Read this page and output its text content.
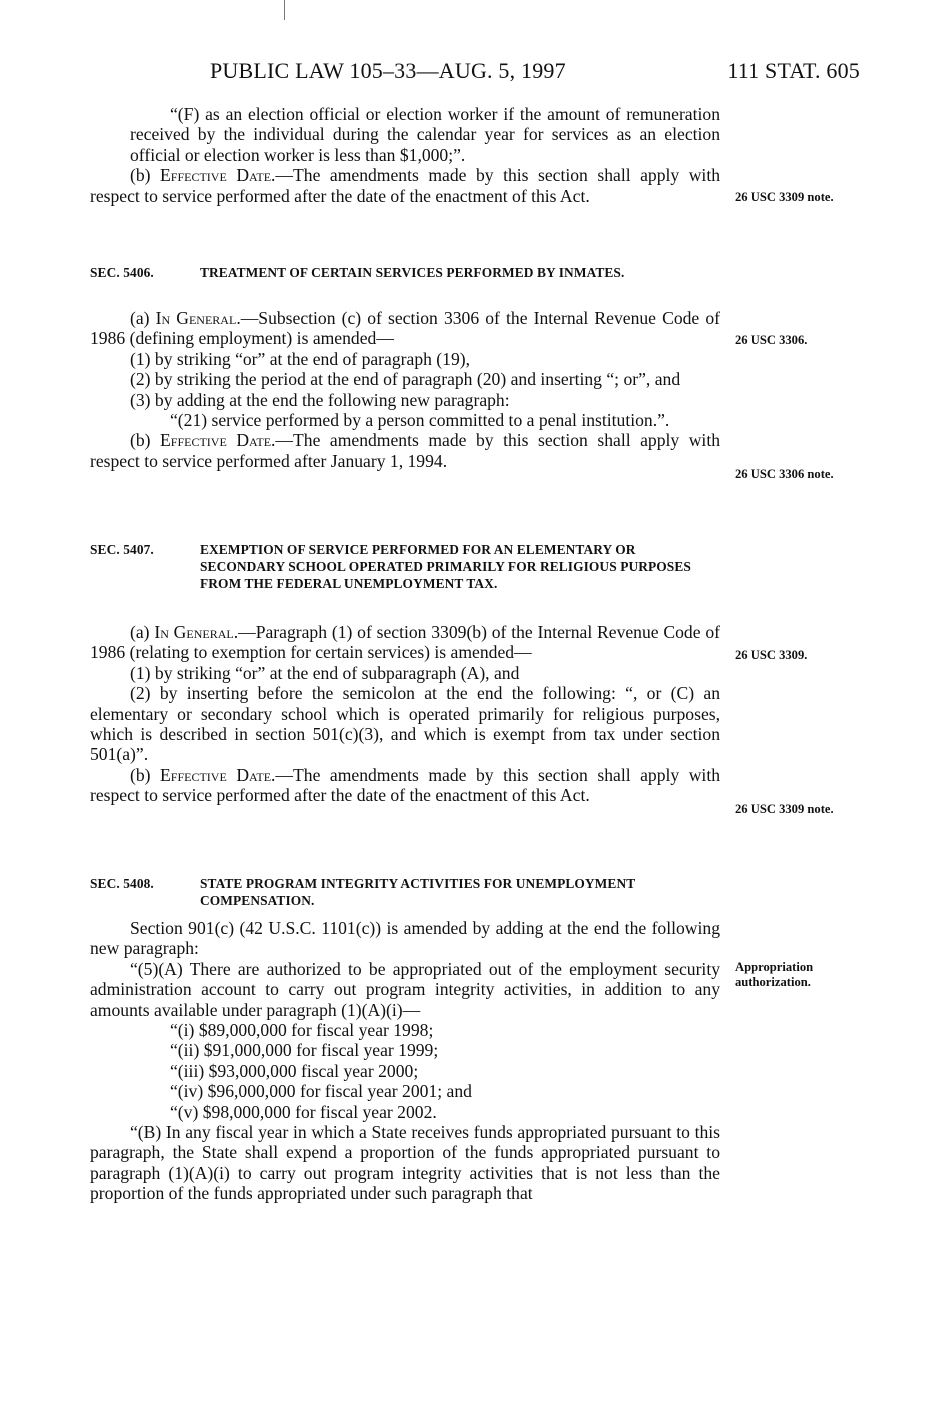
PUBLIC LAW 105–33—AUG. 5, 1997	111 STAT. 605

“(F) as an election official or election worker if the amount of remuneration received by the individual during the calendar year for services as an election official or election worker is less than $1,000;”.

(b) Effective Date.—The amendments made by this section shall apply with respect to service performed after the date of the enactment of this Act.	26 USC 3309 note.

SEC. 5406.	TREATMENT OF CERTAIN SERVICES PERFORMED BY INMATES.

(a) In General.—Subsection (c) of section 3306 of the Internal Revenue Code of 1986 (defining employment) is amended—

(1) by striking “or” at the end of paragraph (19),

(2) by striking the period at the end of paragraph (20) and inserting “; or”, and

(3) by adding at the end the following new paragraph:

“(21) service performed by a person committed to a penal institution.”.

(b) Effective Date.—The amendments made by this section shall apply with respect to service performed after January 1, 1994.

26 USC 3306.
26 USC 3306 note.

SEC. 5407.	EXEMPTION OF SERVICE PERFORMED FOR AN ELEMENTARY OR SECONDARY SCHOOL OPERATED PRIMARILY FOR RELIGIOUS PURPOSES FROM THE FEDERAL UNEMPLOYMENT TAX.

(a) In General.—Paragraph (1) of section 3309(b) of the Internal Revenue Code of 1986 (relating to exemption for certain services) is amended—

(1) by striking “or” at the end of subparagraph (A), and

(2) by inserting before the semicolon at the end the following: “, or (C) an elementary or secondary school which is operated primarily for religious purposes, which is described in section 501(c)(3), and which is exempt from tax under section 501(a)”.

(b) Effective Date.—The amendments made by this section shall apply with respect to service performed after the date of the enactment of this Act.

26 USC 3309.
26 USC 3309 note.

SEC. 5408.	STATE PROGRAM INTEGRITY ACTIVITIES FOR UNEMPLOYMENT COMPENSATION.

Section 901(c) (42 U.S.C. 1101(c)) is amended by adding at the end the following new paragraph:

“(5)(A) There are authorized to be appropriated out of the employment security administration account to carry out program integrity activities, in addition to any amounts available under paragraph (1)(A)(i)—

“(i) $89,000,000 for fiscal year 1998;

“(ii) $91,000,000 for fiscal year 1999;

“(iii) $93,000,000 fiscal year 2000;

“(iv) $96,000,000 for fiscal year 2001; and

“(v) $98,000,000 for fiscal year 2002.

“(B) In any fiscal year in which a State receives funds appropriated pursuant to this paragraph, the State shall expend a proportion of the funds appropriated pursuant to paragraph (1)(A)(i) to carry out program integrity activities that is not less than the proportion of the funds appropriated under such paragraph that

Appropriation authorization.
